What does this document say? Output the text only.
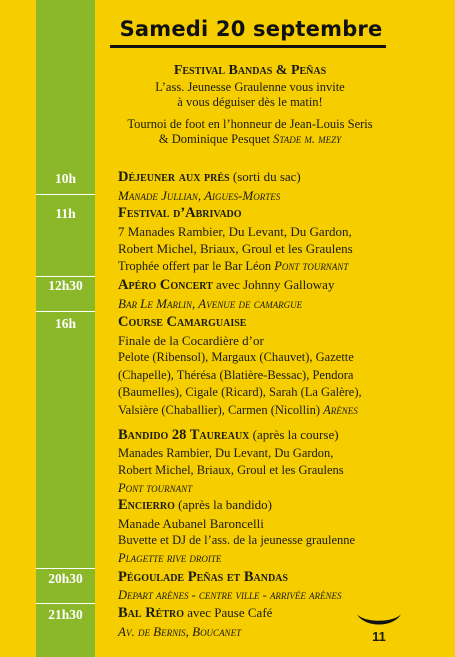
Samedi 20 septembre
Festival Bandas & Peñas
L’ass. Jeunesse Graulenne vous invite
à vous déguiser dès le matin!
Tournoi de foot en l’honneur de Jean-Louis Seris
& Dominique Pesquet Stade m. mezy
10h
11h
12h30
16h
20h30
21h30
Déjeuner aux prés (sorti du sac)
Manade Jullian, Aigues-Mortes
Festival d’Abrivado
7 Manades Rambier, Du Levant, Du Gardon,
Robert Michel, Briaux, Groul et les Graulens
Trophée offert par le Bar Léon Pont tournant
Apéro Concert avec Johnny Galloway
Bar Le Marlin, Avenue de camargue
Course Camarguaise
Finale de la Cocardière d’or
Pelote (Ribensol), Margaux (Chauvet), Gazette
(Chapelle), Thérésa (Blatière-Bessac), Pendora
(Baumelles), Cigale (Ricard), Sarah (La Galère),
Valsière (Chaballier), Carmen (Nicollin) Arènes
Bandido 28 Taureaux (après la course)
Manades Rambier, Du Levant, Du Gardon,
Robert Michel, Briaux, Groul et les Graulens
Pont tournant
Encierro (après la bandido)
Manade Aubanel Baroncelli
Buvette et DJ de l’ass. de la jeunesse graulenne
Plagette rive droite
Pégoulade Peñas et Bandas
Depart arènes - centre ville - arrivée arènes
Bal Rétro avec Pause Café
Av. de Bernis, Boucanet	11
